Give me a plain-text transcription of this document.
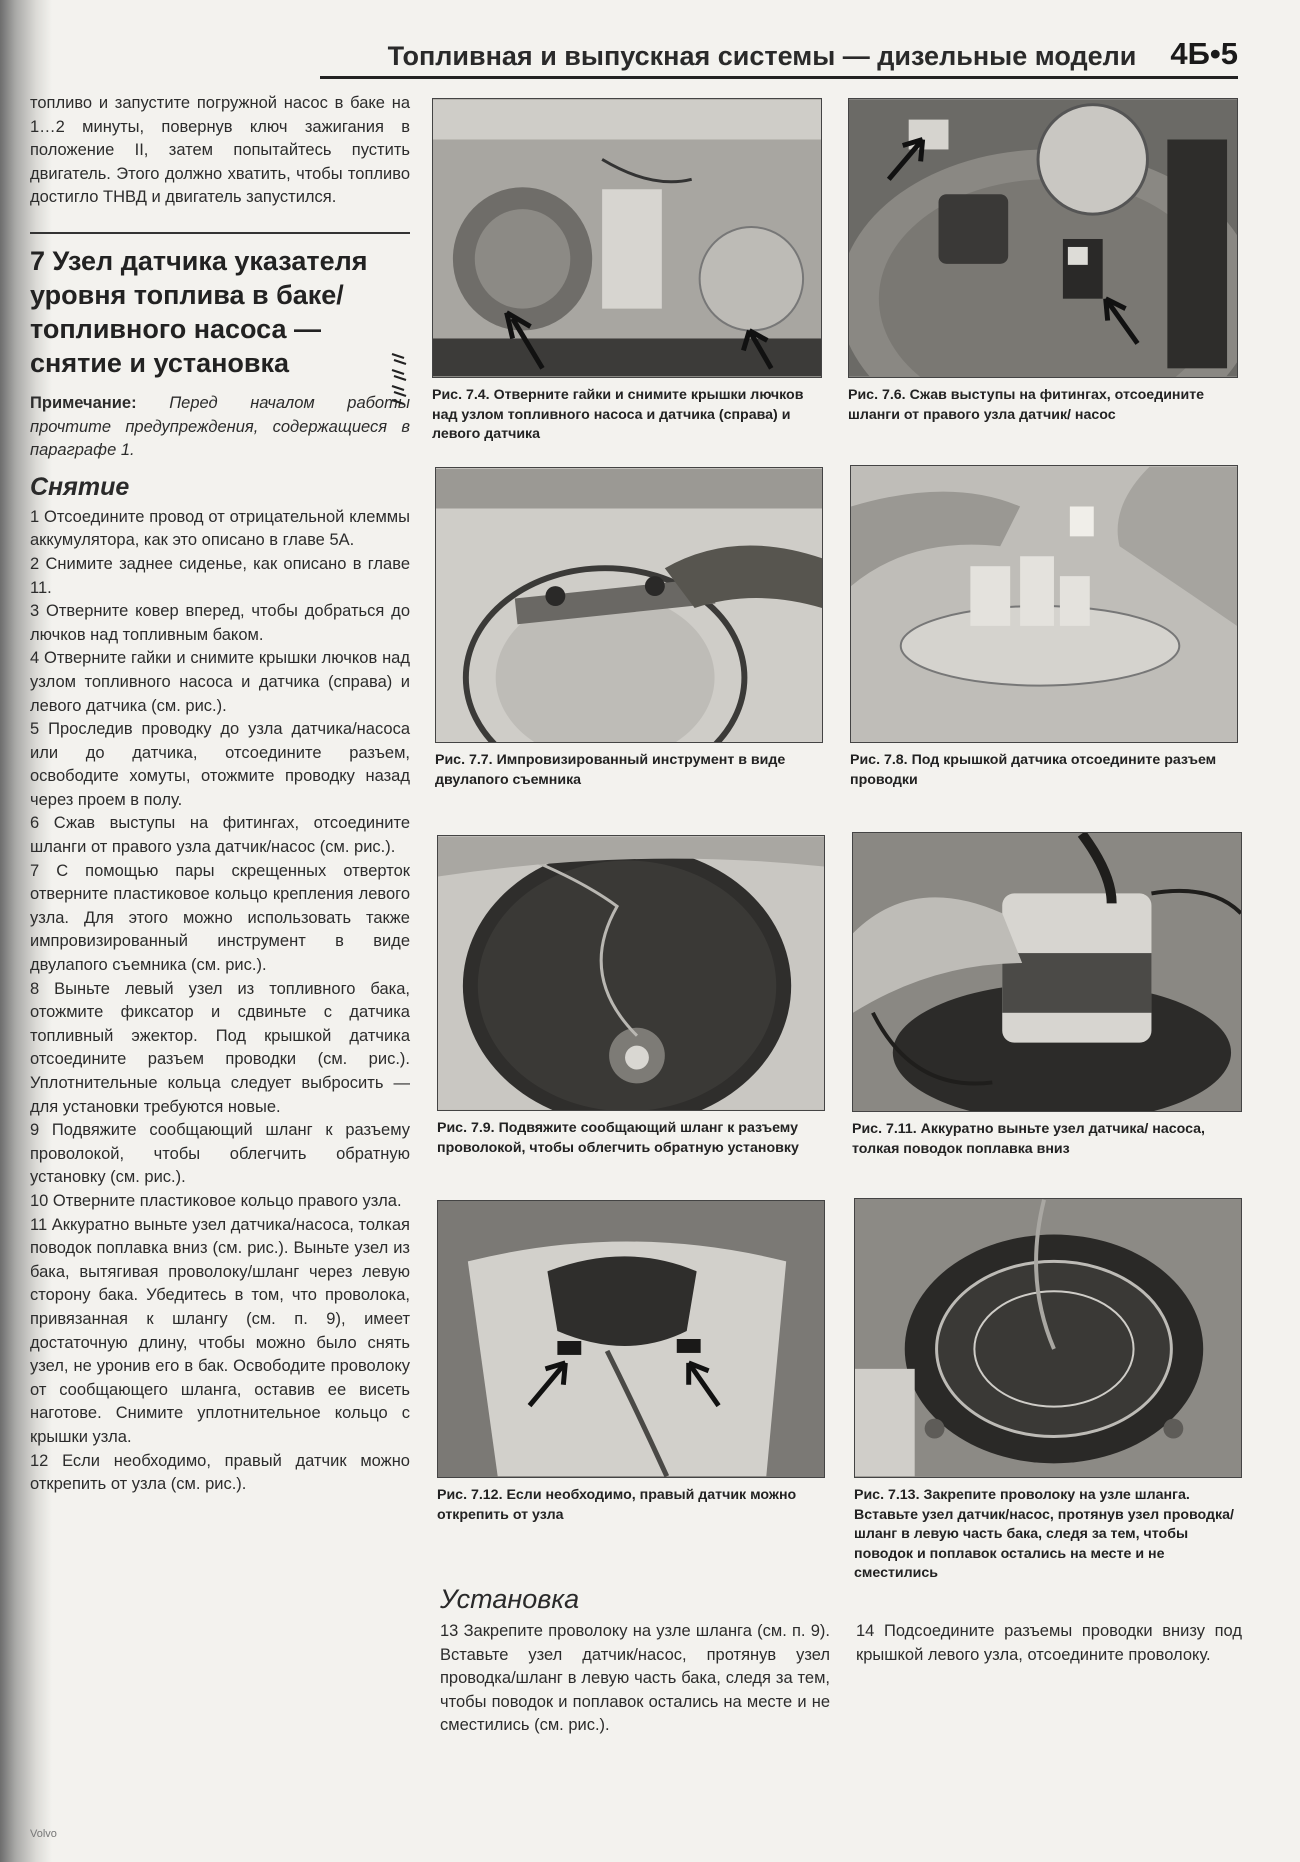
Топливная и выпускная системы — дизельные модели 4Б•5

топливо и запустите погружной насос в баке на 1…2 минуты, повернув ключ зажигания в положение II, затем попытайтесь пустить двигатель. Этого должно хватить, чтобы топливо достигло ТНВД и двигатель запустился.

7 Узел датчика указателя уровня топлива в баке/ топливного насоса — снятие и установка

Примечание: Перед началом работы прочтите предупреждения, содержащиеся в параграфе 1.

Снятие

1 Отсоедините провод от отрицательной клеммы аккумулятора, как это описано в главе 5А.

2 Снимите заднее сиденье, как описано в главе 11.

3 Отверните ковер вперед, чтобы добраться до лючков над топливным баком.

4 Отверните гайки и снимите крышки лючков над узлом топливного насоса и датчика (справа) и левого датчика (см. рис.).

5 Проследив проводку до узла датчика/насоса или до датчика, отсоедините разъем, освободите хомуты, отожмите проводку назад через проем в полу.

6 Сжав выступы на фитингах, отсоедините шланги от правого узла датчик/насос (см. рис.).

7 С помощью пары скрещенных отверток отверните пластиковое кольцо крепления левого узла. Для этого можно использовать также импровизированный инструмент в виде двулапого съемника (см. рис.).

8 Выньте левый узел из топливного бака, отожмите фиксатор и сдвиньте с датчика топливный эжектор. Под крышкой датчика отсоедините разъем проводки (см. рис.). Уплотнительные кольца следует выбросить — для установки требуются новые.

9 Подвяжите сообщающий шланг к разъему проволокой, чтобы облегчить обратную установку (см. рис.).

10 Отверните пластиковое кольцо правого узла.

11 Аккуратно выньте узел датчика/насоса, толкая поводок поплавка вниз (см. рис.). Выньте узел из бака, вытягивая проволоку/шланг через левую сторону бака. Убедитесь в том, что проволока, привязанная к шлангу (см. п. 9), имеет достаточную длину, чтобы можно было снять узел, не уронив его в бак. Освободите проволоку от сообщающего шланга, оставив ее висеть наготове. Снимите уплотнительное кольцо с крышки узла.

12 Если необходимо, правый датчик можно открепить от узла (см. рис.).

Рис. 7.4. Отверните гайки и снимите крышки лючков над узлом топливного насоса и датчика (справа) и левого датчика
Рис. 7.6. Сжав выступы на фитингах, отсоедините шланги от правого узла датчик/ насос
Рис. 7.7. Импровизированный инструмент в виде двулапого съемника
Рис. 7.8. Под крышкой датчика отсоедините разъем проводки
Рис. 7.9. Подвяжите сообщающий шланг к разъему проволокой, чтобы облегчить обратную установку
Рис. 7.11. Аккуратно выньте узел датчика/ насоса, толкая поводок поплавка вниз
Рис. 7.12. Если необходимо, правый датчик можно открепить от узла
Рис. 7.13. Закрепите проволоку на узле шланга. Вставьте узел датчик/насос, протянув узел проводка/шланг в левую часть бака, следя за тем, чтобы поводок и поплавок остались на месте и не сместились
Установка
13 Закрепите проволоку на узле шланга (см. п. 9). Вставьте узел датчик/насос, протянув узел проводка/шланг в левую часть бака, следя за тем, чтобы поводок и поплавок остались на месте и не сместились (см. рис.).
14 Подсоедините разъемы проводки внизу под крышкой левого узла, отсоедините проволоку.
Volvo
